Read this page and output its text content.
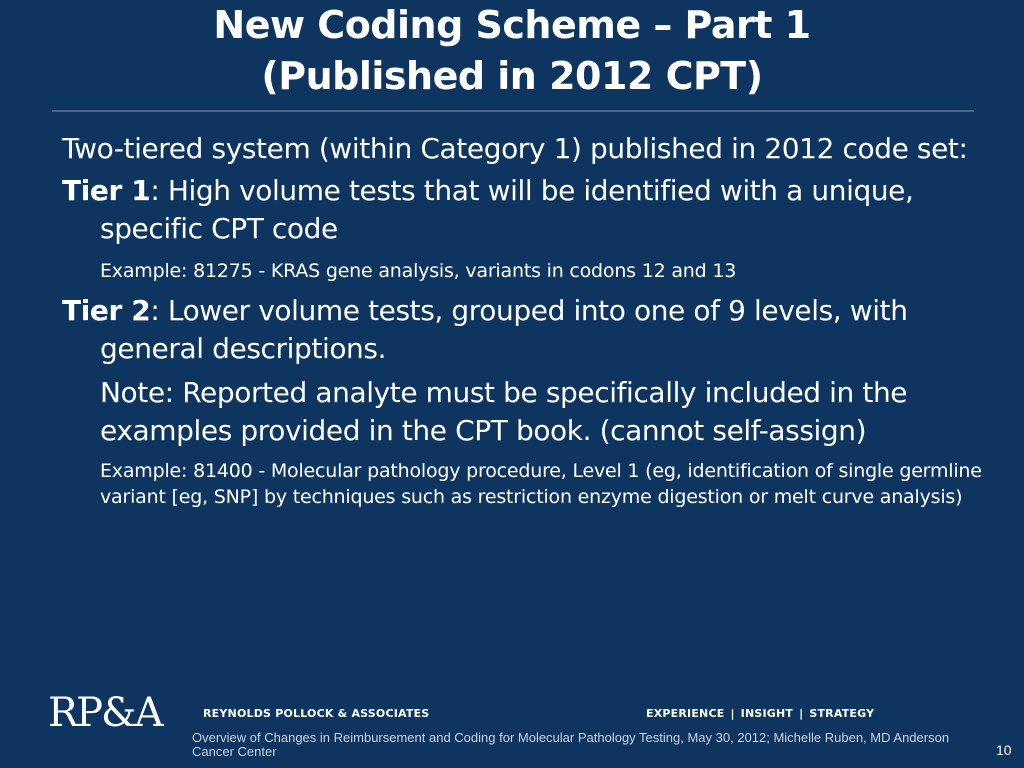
New Coding Scheme – Part 1
(Published in 2012 CPT)
Two-tiered system (within Category 1) published in 2012 code set:
Tier 1: High volume tests that will be identified with a unique, specific CPT code
Example: 81275 - KRAS gene analysis, variants in codons 12 and 13
Tier 2: Lower volume tests, grouped into one of 9 levels, with general descriptions.
Note: Reported analyte must be specifically included in the examples provided in the CPT book. (cannot self-assign)
Example: 81400 - Molecular pathology procedure, Level 1 (eg, identification of single germline variant [eg, SNP] by techniques such as restriction enzyme digestion or melt curve analysis)
RP&A	REYNOLDS POLLOCK & ASSOCIATES	EXPERIENCE | INSIGHT | STRATEGY
Overview of Changes in Reimbursement and Coding for Molecular Pathology Testing, May 30, 2012; Michelle Ruben, MD Anderson Cancer Center	10
